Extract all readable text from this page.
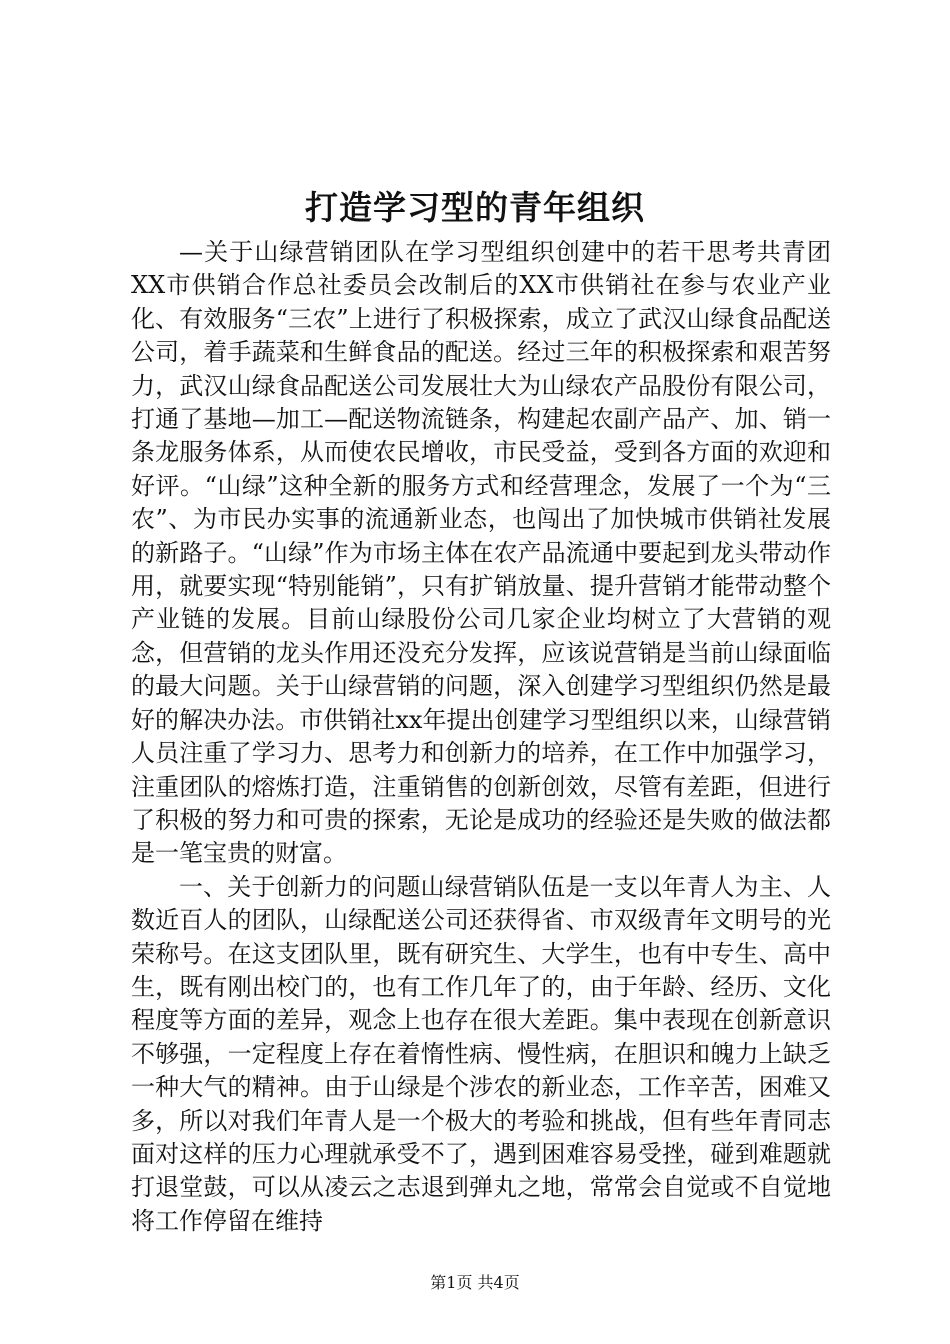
打造学习型的青年组织

—关于山绿营销团队在学习型组织创建中的若干思考共青团XX市供销合作总社委员会改制后的XX市供销社在参与农业产业化、有效服务“三农”上进行了积极探索，成立了武汉山绿食品配送公司，着手蔬菜和生鲜食品的配送。经过三年的积极探索和艰苦努力，武汉山绿食品配送公司发展壮大为山绿农产品股份有限公司，打通了基地—加工—配送物流链条，构建起农副产品产、加、销一条龙服务体系，从而使农民增收，市民受益，受到各方面的欢迎和好评。“山绿”这种全新的服务方式和经营理念，发展了一个为“三农”、为市民办实事的流通新业态，也闯出了加快城市供销社发展的新路子。“山绿”作为市场主体在农产品流通中要起到龙头带动作用，就要实现“特别能销”，只有扩销放量、提升营销才能带动整个产业链的发展。目前山绿股份公司几家企业均树立了大营销的观念，但营销的龙头作用还没充分发挥，应该说营销是当前山绿面临的最大问题。关于山绿营销的问题，深入创建学习型组织仍然是最好的解决办法。市供销社xx年提出创建学习型组织以来，山绿营销人员注重了学习力、思考力和创新力的培养，在工作中加强学习，注重团队的熔炼打造，注重销售的创新创效，尽管有差距，但进行了积极的努力和可贵的探索，无论是成功的经验还是失败的做法都是一笔宝贵的财富。

一、关于创新力的问题山绿营销队伍是一支以年青人为主、人数近百人的团队，山绿配送公司还获得省、市双级青年文明号的光荣称号。在这支团队里，既有研究生、大学生，也有中专生、高中生，既有刚出校门的，也有工作几年了的，由于年龄、经历、文化程度等方面的差异，观念上也存在很大差距。集中表现在创新意识不够强，一定程度上存在着惰性病、慢性病，在胆识和魄力上缺乏一种大气的精神。由于山绿是个涉农的新业态，工作辛苦，困难又多，所以对我们年青人是一个极大的考验和挑战，但有些年青同志面对这样的压力心理就承受不了，遇到困难容易受挫，碰到难题就打退堂鼓，可以从凌云之志退到弹丸之地，常常会自觉或不自觉地将工作停留在维持

第1页 共4页
